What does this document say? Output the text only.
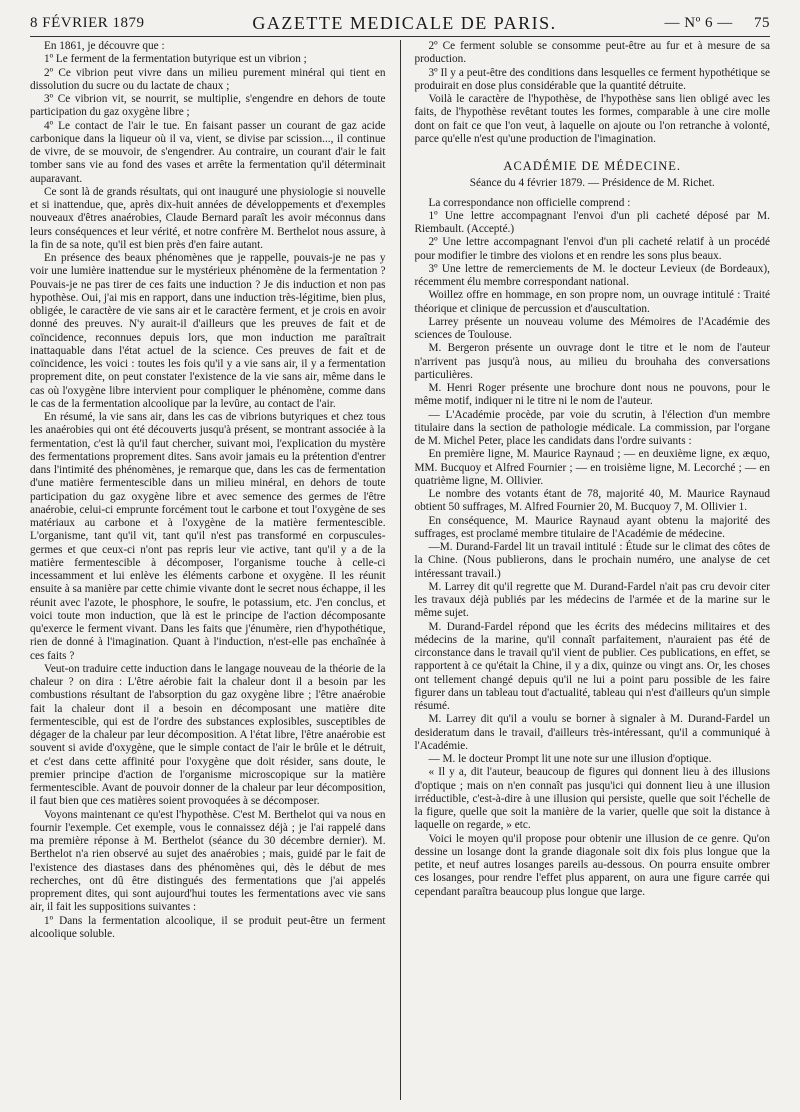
8 FÉVRIER 1879	GAZETTE MEDICALE DE PARIS.	— Nº 6 — 75

En 1861, je découvre que :

1º Le ferment de la fermentation butyrique est un vibrion ;

2º Ce vibrion peut vivre dans un milieu purement minéral qui tient en dissolution du sucre ou du lactate de chaux ;

3º Ce vibrion vit, se nourrit, se multiplie, s'engendre en dehors de toute participation du gaz oxygène libre ;

4º Le contact de l'air le tue. En faisant passer un courant de gaz acide carbonique dans la liqueur où il va, vient, se divise par scission..., il continue de vivre, de se mouvoir, de s'engendrer. Au contraire, un courant d'air le fait tomber sans vie au fond des vases et arrête la fermentation qu'il déterminait auparavant.

Ce sont là de grands résultats, qui ont inauguré une physiologie si nouvelle et si inattendue, que, après dix-huit années de développements et d'exemples nouveaux d'êtres anaérobies, Claude Bernard paraît les avoir méconnus dans leurs conséquences et leur vérité, et notre confrère M. Berthelot nous assure, à la fin de sa note, qu'il est bien près d'en faire autant.

En présence des beaux phénomènes que je rappelle, pouvais-je ne pas y voir une lumière inattendue sur le mystérieux phénomène de la fermentation ? Pouvais-je ne pas tirer de ces faits une induction ? Je dis induction et non pas hypothèse. Oui, j'ai mis en rapport, dans une induction très-légitime, bien plus, obligée, le caractère de vie sans air et le caractère ferment, et je crois en avoir donné des preuves. N'y aurait-il d'ailleurs que les preuves de fait et de coïncidence, reconnues depuis lors, que mon induction me paraîtrait inattaquable dans l'état actuel de la science. Ces preuves de fait et de coïncidence, les voici : toutes les fois qu'il y a vie sans air, il y a fermentation proprement dite, on peut constater l'existence de la vie sans air, même dans le cas où l'oxygène libre intervient pour compliquer le phénomène, comme dans le cas de la fermentation alcoolique par la levûre, au contact de l'air.

En résumé, la vie sans air, dans les cas de vibrions butyriques et chez tous les anaérobies qui ont été découverts jusqu'à présent, se montrant associée à la fermentation, c'est là qu'il faut chercher, suivant moi, l'explication du mystère des fermentations proprement dites. Sans avoir jamais eu la prétention d'entrer dans l'intimité des phénomènes, je remarque que, dans les cas de fermentation d'une matière fermentescible dans un milieu minéral, en dehors de toute participation du gaz oxygène libre et avec semence des germes de l'être anaérobie, celui-ci emprunte forcément tout le carbone et tout l'oxygène de ses matériaux au carbone et à l'oxygène de la matière fermentescible. L'organisme, tant qu'il vit, tant qu'il n'est pas transformé en corpuscules-germes et que ceux-ci n'ont pas repris leur vie active, tant qu'il y a de la matière fermentescible à décomposer, l'organisme touche à celle-ci incessamment et lui enlève les éléments carbone et oxygène. Il les réunit ensuite à sa manière par cette chimie vivante dont le secret nous échappe, il les réunit avec l'azote, le phosphore, le soufre, le potassium, etc. J'en conclus, et voici toute mon induction, que là est le principe de l'action décomposante qu'exerce le ferment vivant. Dans les faits que j'énumère, rien d'hypothétique, rien de donné à l'imagination. Quant à l'induction, n'est-elle pas enchaînée à ces faits ?

Veut-on traduire cette induction dans le langage nouveau de la théorie de la chaleur ? on dira : L'être aérobie fait la chaleur dont il a besoin par les combustions résultant de l'absorption du gaz oxygène libre ; l'être anaérobie fait la chaleur dont il a besoin en décomposant une matière dite fermentescible, qui est de l'ordre des substances explosibles, susceptibles de dégager de la chaleur par leur décomposition. A l'état libre, l'être anaérobie est souvent si avide d'oxygène, que le simple contact de l'air le brûle et le détruit, et c'est dans cette affinité pour l'oxygène que doit résider, sans doute, le premier principe d'action de l'organisme microscopique sur la matière fermentescible. Avant de pouvoir donner de la chaleur par leur décomposition, il faut bien que ces matières soient provoquées à se décomposer.

Voyons maintenant ce qu'est l'hypothèse. C'est M. Berthelot qui va nous en fournir l'exemple. Cet exemple, vous le connaissez déjà ; je l'ai rappelé dans ma première réponse à M. Berthelot (séance du 30 décembre dernier). M. Berthelot n'a rien observé au sujet des anaérobies ; mais, guidé par le fait de l'existence des diastases dans des phénomènes qui, dès le début de mes recherches, ont dû être distingués des fermentations que j'ai appelés proprement dites, qui sont aujourd'hui toutes les fermentations avec vie sans air, il fait les suppositions suivantes :

1º Dans la fermentation alcoolique, il se produit peut-être un ferment alcoolique soluble.

2º Ce ferment soluble se consomme peut-être au fur et à mesure de sa production.

3º Il y a peut-être des conditions dans lesquelles ce ferment hypothétique se produirait en dose plus considérable que la quantité détruite.

Voilà le caractère de l'hypothèse, de l'hypothèse sans lien obligé avec les faits, de l'hypothèse revêtant toutes les formes, comparable à une cire molle dont on fait ce que l'on veut, à laquelle on ajoute ou l'on retranche à volonté, parce qu'elle n'est qu'une production de l'imagination.

ACADÉMIE DE MÉDECINE.
Séance du 4 février 1879. — Présidence de M. Richet.

La correspondance non officielle comprend :

1º Une lettre accompagnant l'envoi d'un pli cacheté déposé par M. Riembault. (Accepté.)

2º Une lettre accompagnant l'envoi d'un pli cacheté relatif à un procédé pour modifier le timbre des violons et en rendre les sons plus beaux.

3º Une lettre de remerciements de M. le docteur Levieux (de Bordeaux), récemment élu membre correspondant national.

Woillez offre en hommage, en son propre nom, un ouvrage intitulé : Traité théorique et clinique de percussion et d'auscultation.

Larrey présente un nouveau volume des Mémoires de l'Académie des sciences de Toulouse.

M. Bergeron présente un ouvrage dont le titre et le nom de l'auteur n'arrivent pas jusqu'à nous, au milieu du brouhaha des conversations particulières.

M. Henri Roger présente une brochure dont nous ne pouvons, pour le même motif, indiquer ni le titre ni le nom de l'auteur.

— L'Académie procède, par voie du scrutin, à l'élection d'un membre titulaire dans la section de pathologie médicale. La commission, par l'organe de M. Michel Peter, place les candidats dans l'ordre suivants :

En première ligne, M. Maurice Raynaud ; — en deuxième ligne, ex æquo, MM. Bucquoy et Alfred Fournier ; — en troisième ligne, M. Lecorché ; — en quatrième ligne, M. Ollivier.

Le nombre des votants étant de 78, majorité 40, M. Maurice Raynaud obtient 50 suffrages, M. Alfred Fournier 20, M. Bucquoy 7, M. Ollivier 1.

En conséquence, M. Maurice Raynaud ayant obtenu la majorité des suffrages, est proclamé membre titulaire de l'Académie de médecine.

—M. Durand-Fardel lit un travail intitulé : Étude sur le climat des côtes de la Chine. (Nous publierons, dans le prochain numéro, une analyse de cet intéressant travail.)

M. Larrey dit qu'il regrette que M. Durand-Fardel n'ait pas cru devoir citer les travaux déjà publiés par les médecins de l'armée et de la marine sur le même sujet.

M. Durand-Fardel répond que les écrits des médecins militaires et des médecins de la marine, qu'il connaît parfaitement, n'auraient pas été de circonstance dans le travail qu'il vient de publier. Ces publications, en effet, se rapportent à ce qu'était la Chine, il y a dix, quinze ou vingt ans. Or, les choses ont tellement changé depuis qu'il ne lui a point paru possible de les faire figurer dans un tableau tout d'actualité, tableau qui n'est d'ailleurs qu'un simple résumé.

M. Larrey dit qu'il a voulu se borner à signaler à M. Durand-Fardel un desideratum dans le travail, d'ailleurs très-intéressant, qu'il a communiqué à l'Académie.

— M. le docteur Prompt lit une note sur une illusion d'optique.

« Il y a, dit l'auteur, beaucoup de figures qui donnent lieu à des illusions d'optique ; mais on n'en connaît pas jusqu'ici qui donnent lieu à une illusion irréductible, c'est-à-dire à une illusion qui persiste, quelle que soit l'échelle de la figure, quelle que soit la manière de la varier, quelle que soit la distance à laquelle on regarde, » etc.

Voici le moyen qu'il propose pour obtenir une illusion de ce genre. Qu'on dessine un losange dont la grande diagonale soit dix fois plus longue que la petite, et neuf autres losanges pareils au-dessous. On pourra ensuite ombrer ces losanges, pour rendre l'effet plus apparent, on aura une figure carrée qui cependant paraîtra beaucoup plus longue que large.
